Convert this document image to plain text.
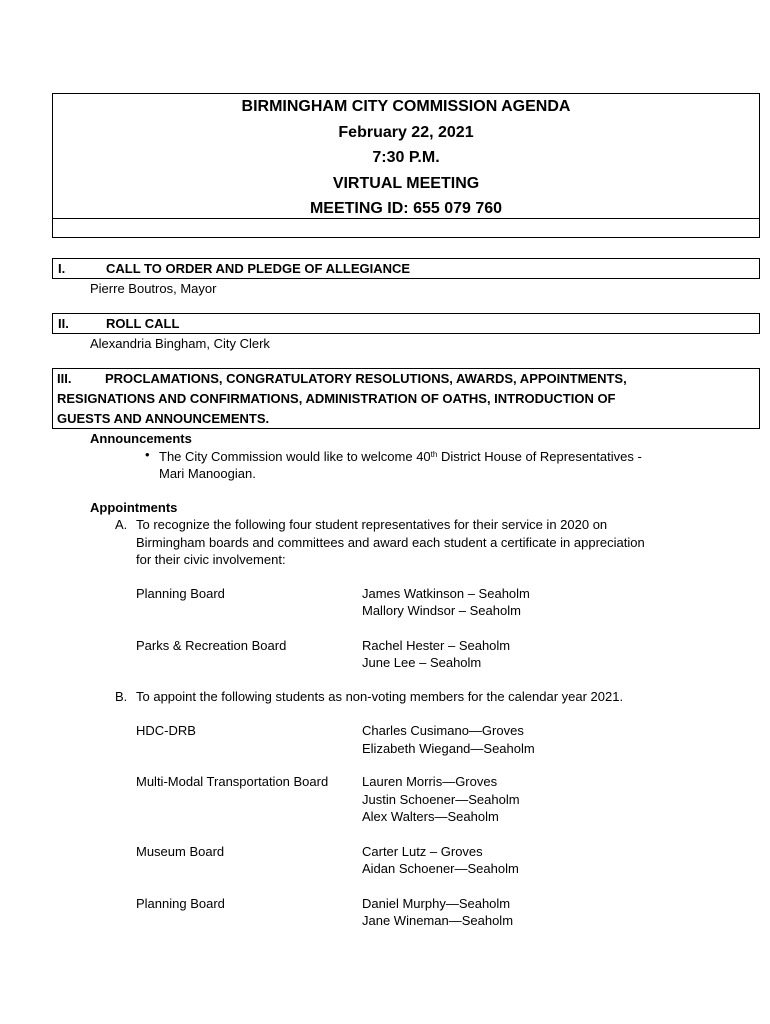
BIRMINGHAM CITY COMMISSION AGENDA
February 22, 2021
7:30 P.M.
VIRTUAL MEETING
MEETING ID: 655 079 760
I.	CALL TO ORDER AND PLEDGE OF ALLEGIANCE
Pierre Boutros, Mayor
II.	ROLL CALL
Alexandria Bingham, City Clerk
III.	PROCLAMATIONS, CONGRATULATORY RESOLUTIONS, AWARDS, APPOINTMENTS,
RESIGNATIONS AND CONFIRMATIONS, ADMINISTRATION OF OATHS, INTRODUCTION OF
GUESTS AND ANNOUNCEMENTS.
Announcements
• The City Commission would like to welcome 40th District House of Representatives -
Mari Manoogian.
Appointments
A. To recognize the following four student representatives for their service in 2020 on
Birmingham boards and committees and award each student a certificate in appreciation
for their civic involvement:
Planning Board	James Watkinson – Seaholm
Mallory Windsor – Seaholm
Parks & Recreation Board	Rachel Hester – Seaholm
June Lee – Seaholm
B. To appoint the following students as non-voting members for the calendar year 2021.
HDC-DRB	Charles Cusimano—Groves
Elizabeth Wiegand—Seaholm
Multi-Modal Transportation Board	Lauren Morris—Groves
Justin Schoener—Seaholm
Alex Walters—Seaholm
Museum Board	Carter Lutz – Groves
Aidan Schoener—Seaholm
Planning Board	Daniel Murphy—Seaholm
Jane Wineman—Seaholm
